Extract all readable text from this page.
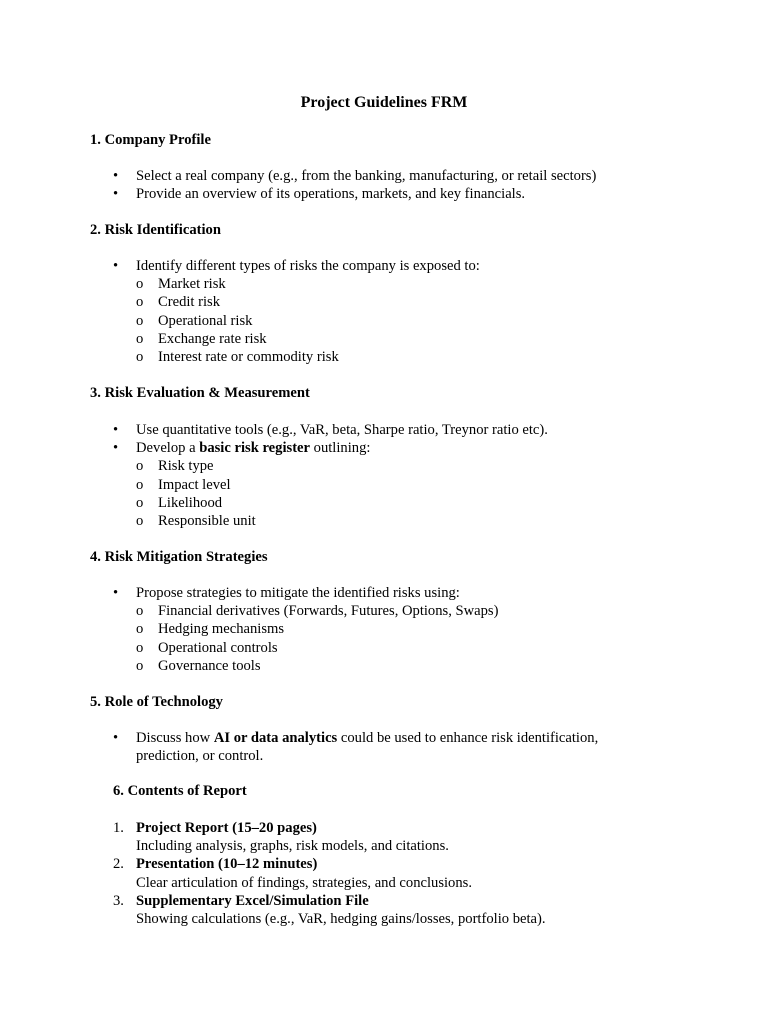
Project Guidelines FRM
1. Company Profile
• Select a real company (e.g., from the banking, manufacturing, or retail sectors)
• Provide an overview of its operations, markets, and key financials.
2. Risk Identification
• Identify different types of risks the company is exposed to:
o Market risk
o Credit risk
o Operational risk
o Exchange rate risk
o Interest rate or commodity risk
3. Risk Evaluation & Measurement
• Use quantitative tools (e.g., VaR, beta, Sharpe ratio, Treynor ratio etc).
• Develop a basic risk register outlining:
o Risk type
o Impact level
o Likelihood
o Responsible unit
4. Risk Mitigation Strategies
• Propose strategies to mitigate the identified risks using:
o Financial derivatives (Forwards, Futures, Options, Swaps)
o Hedging mechanisms
o Operational controls
o Governance tools
5. Role of Technology
• Discuss how AI or data analytics could be used to enhance risk identification, prediction, or control.
6. Contents of Report
1. Project Report (15–20 pages)
Including analysis, graphs, risk models, and citations.
2. Presentation (10–12 minutes)
Clear articulation of findings, strategies, and conclusions.
3. Supplementary Excel/Simulation File
Showing calculations (e.g., VaR, hedging gains/losses, portfolio beta).
